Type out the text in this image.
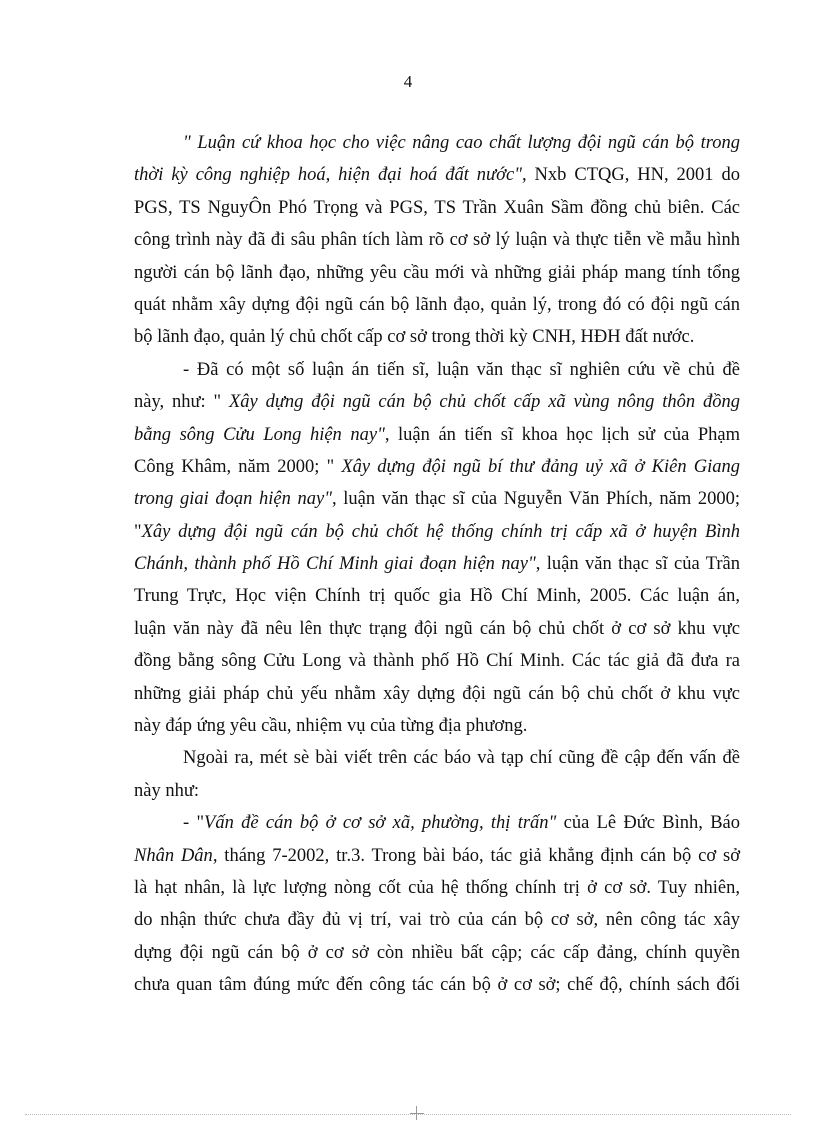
4
" Luận cứ khoa học cho việc nâng cao chất lượng đội ngũ cán bộ trong
thời kỳ công nghiệp hoá, hiện đại hoá đất nước", Nxb CTQG, HN, 2001 do
PGS, TS NguyÔn Phó Trọng và PGS, TS Trần Xuân Sầm đồng chủ biên. Các
công trình này đã đi sâu phân tích làm rõ cơ sở lý luận và thực tiễn về mẫu hình
người cán bộ lãnh đạo, những yêu cầu mới và những giải pháp mang tính tổng
quát nhằm xây dựng đội ngũ cán bộ lãnh đạo, quản lý, trong đó có đội ngũ cán
bộ lãnh đạo, quản lý chủ chốt cấp cơ sở trong thời kỳ CNH, HĐH đất nước.
- Đã có một số luận án tiến sĩ, luận văn thạc sĩ nghiên cứu về chủ đề
này, như: " Xây dựng đội ngũ cán bộ chủ chốt cấp xã vùng nông thôn đồng
bằng sông Cửu Long hiện nay", luận án tiến sĩ khoa học lịch sử của Phạm
Công Khâm, năm 2000; " Xây dựng đội ngũ bí thư đảng uỷ xã ở Kiên Giang
trong giai đoạn hiện nay", luận văn thạc sĩ của Nguyễn Văn Phích, năm 2000;
"Xây dựng đội ngũ cán bộ chủ chốt hệ thống chính trị cấp xã ở huyện Bình
Chánh, thành phố Hồ Chí Minh giai đoạn hiện nay", luận văn thạc sĩ của Trần
Trung Trực, Học viện Chính trị quốc gia Hồ Chí Minh, 2005. Các luận án,
luận văn này đã nêu lên thực trạng đội ngũ cán bộ chủ chốt ở cơ sở khu vực
đồng bằng sông Cửu Long và thành phố Hồ Chí Minh. Các tác giả đã đưa ra
những giải pháp chủ yếu nhằm xây dựng đội ngũ cán bộ chủ chốt ở khu vực
này đáp ứng yêu cầu, nhiệm vụ của từng địa phương.
Ngoài ra, mét sè bài viết trên các báo và tạp chí cũng đề cập đến vấn đề
này như:
- "Vấn đề cán bộ ở cơ sở xã, phường, thị trấn" của Lê Đức Bình, Báo
Nhân Dân, tháng 7-2002, tr.3. Trong bài báo, tác giả khẳng định cán bộ cơ sở
là hạt nhân, là lực lượng nòng cốt của hệ thống chính trị ở cơ sở. Tuy nhiên,
do nhận thức chưa đầy đủ vị trí, vai trò của cán bộ cơ sở, nên công tác xây
dựng đội ngũ cán bộ ở cơ sở còn nhiều bất cập; các cấp đảng, chính quyền
chưa quan tâm đúng mức đến công tác cán bộ ở cơ sở; chế độ, chính sách đối
